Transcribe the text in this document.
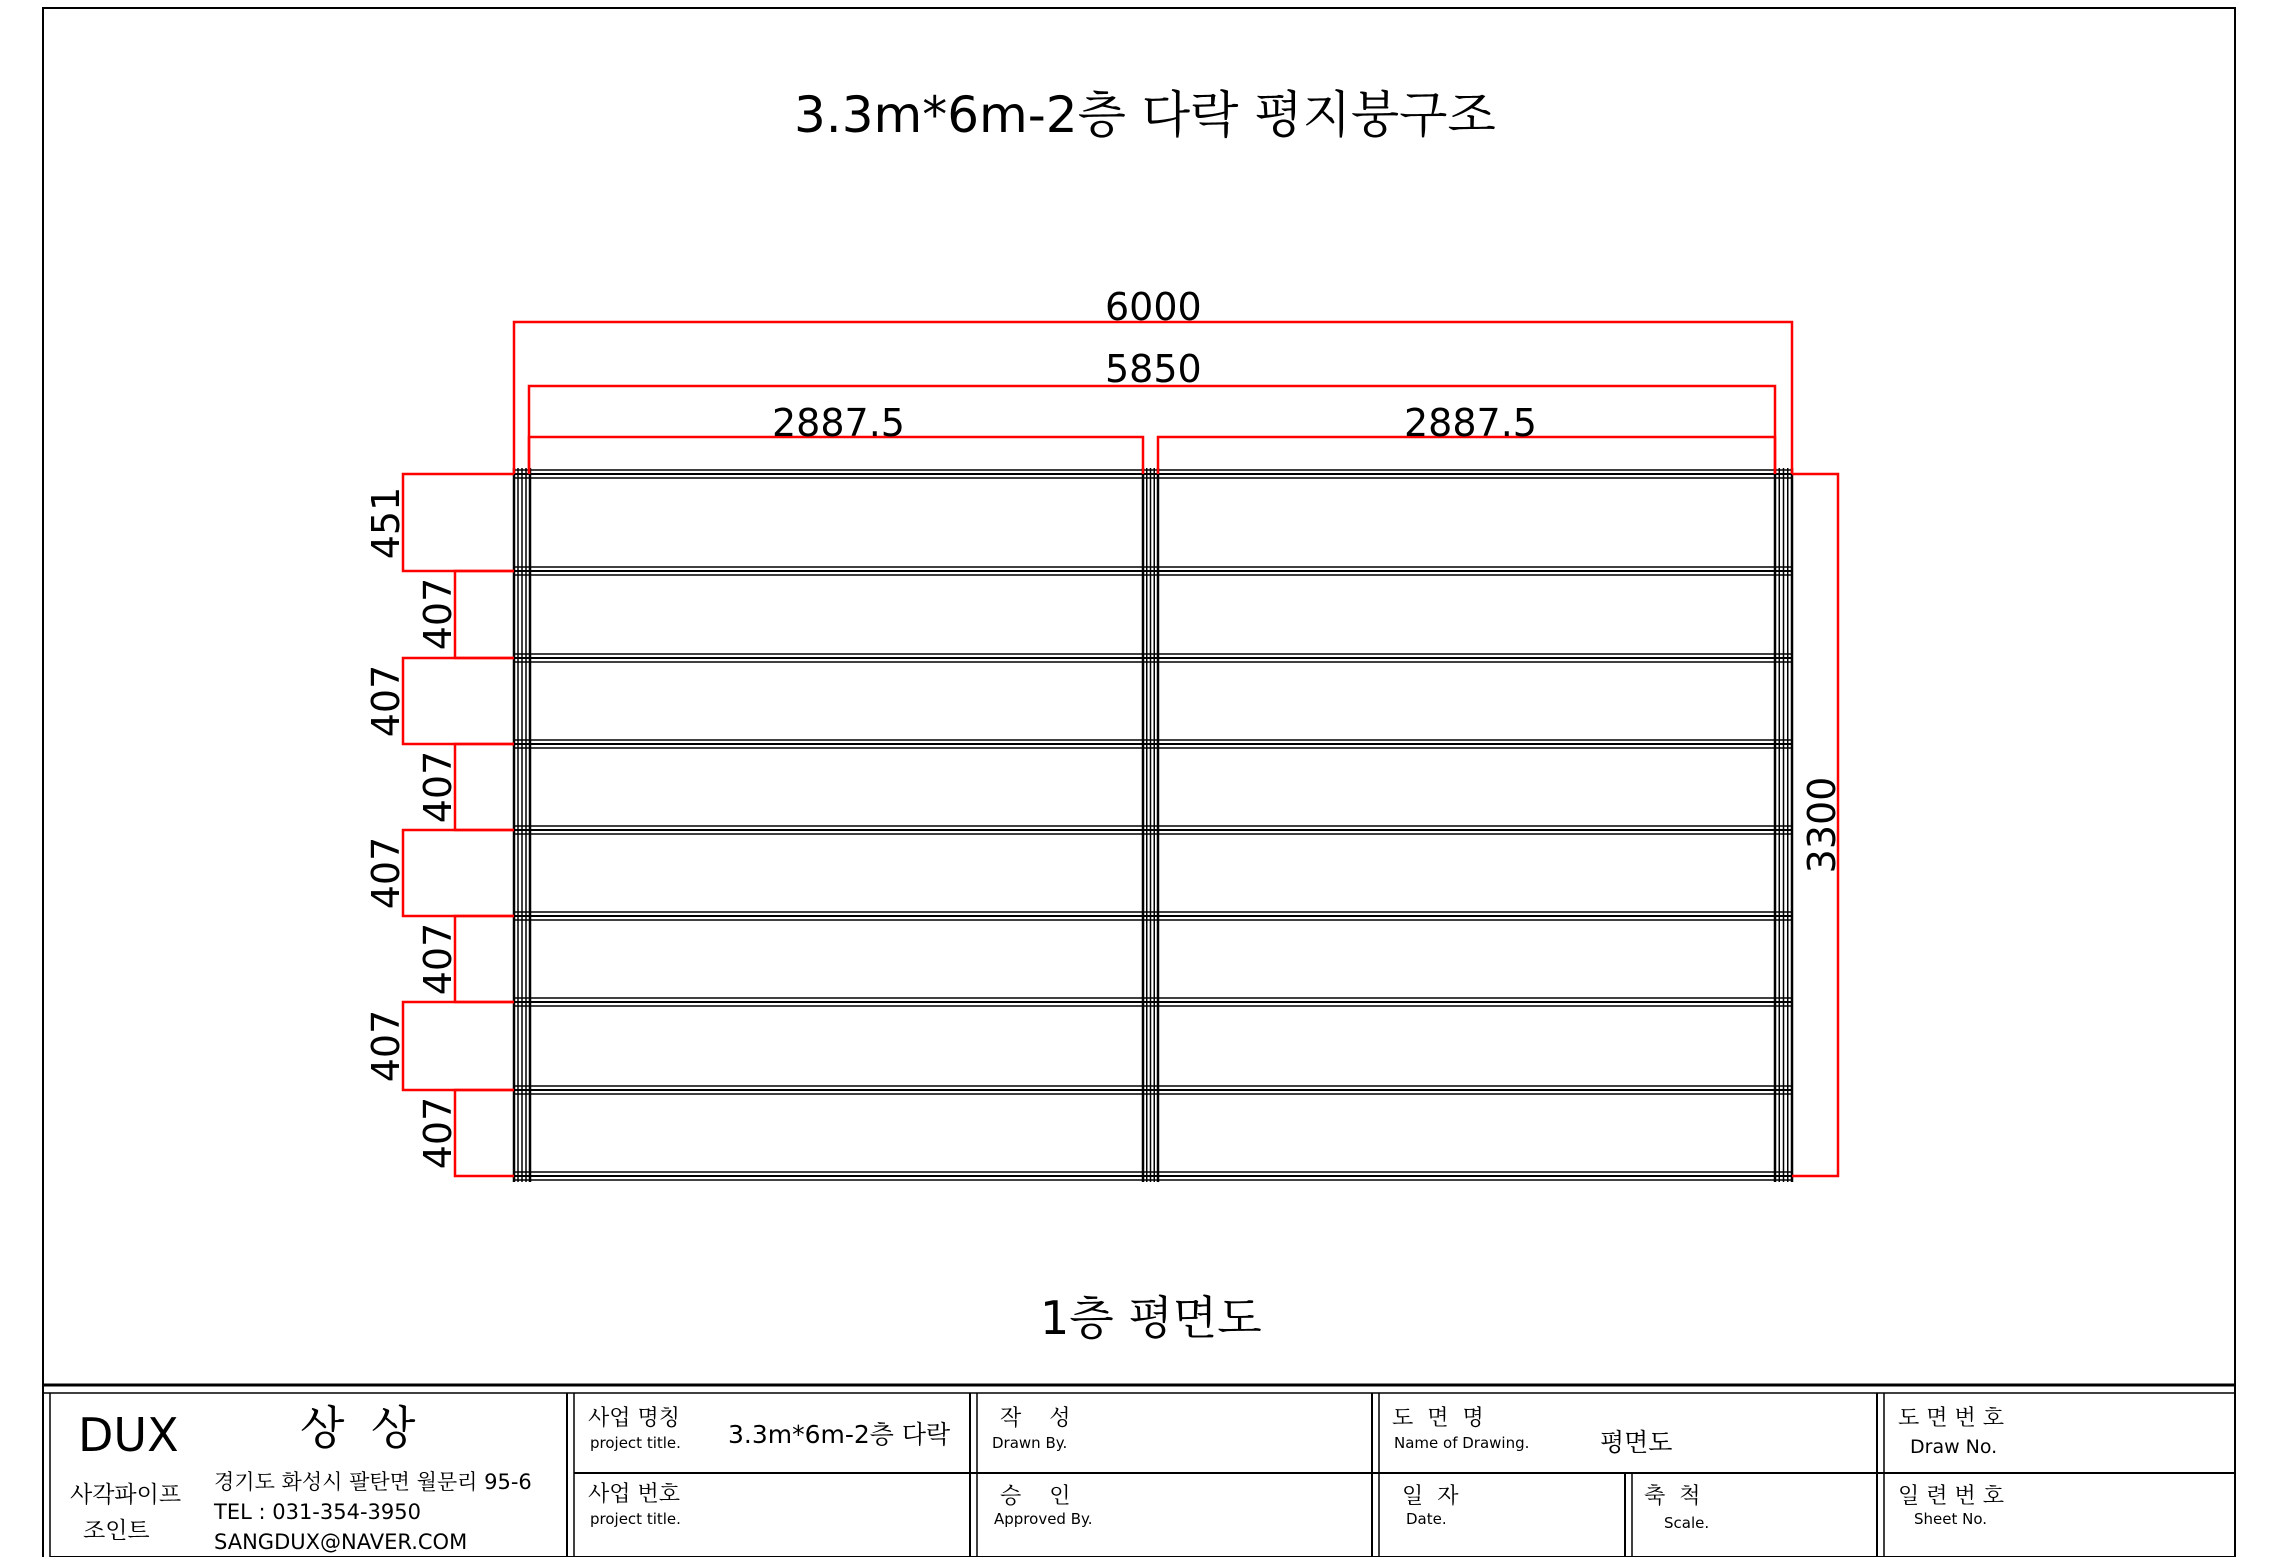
3.3m*6m-2층 다락 평지붕구조
1층 평면도
6000
5850
2887.5	2887.5
451
407
407
407
407
407
407
407
3300
DUX	상 상
사각파이프
조인트
경기도 화성시 팔탄면 월문리 95-6
TEL : 031-354-3950
SANGDUX@NAVER.COM
사업 명칭
project title. 3.3m*6m-2층 다락
사업 번호
project title.
작    성
Drawn By.
승    인
Approved By.
도  면  명
Name of Drawing.	평면도
일  자
Date.
축  척
Scale.
도 면 번 호
Draw No.
일 련 번 호
Sheet No.
